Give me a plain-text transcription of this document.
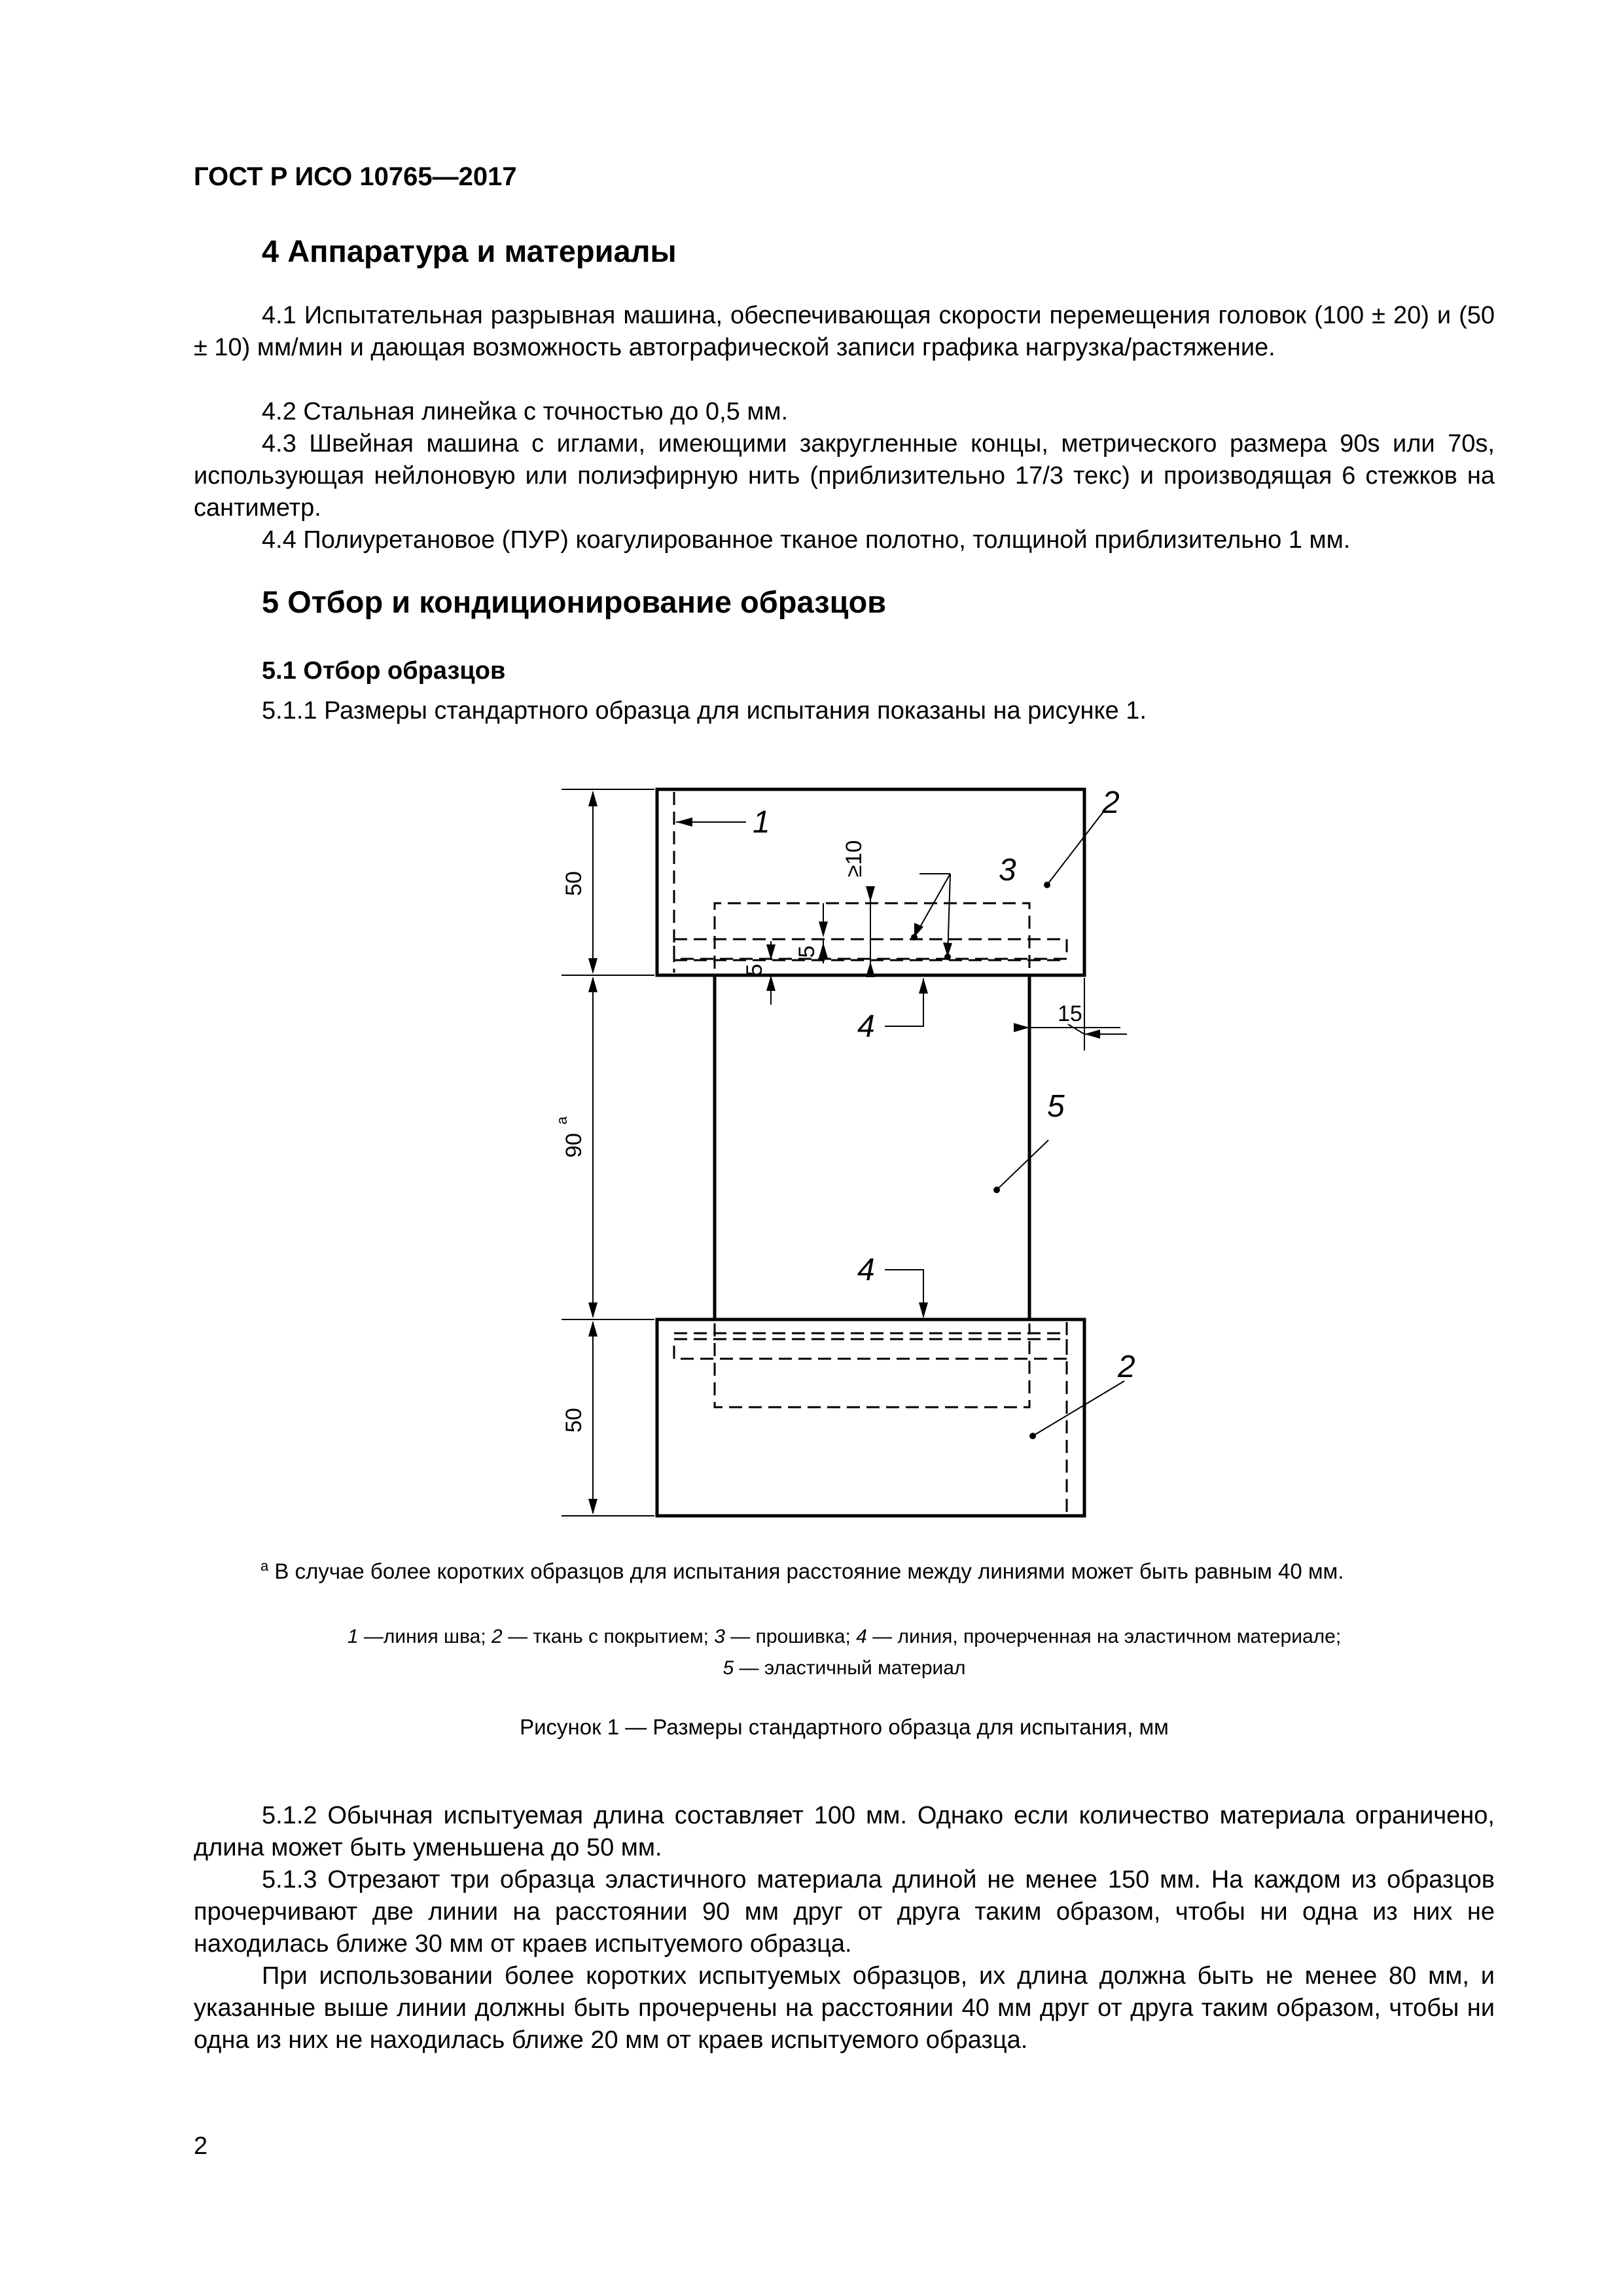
ГОСТ Р ИСО 10765—2017
4 Аппаратура и материалы

4.1 Испытательная разрывная машина, обеспечивающая скорости перемещения головок (100 ± 20) и (50 ± 10) мм/мин и дающая возможность автографической записи графика нагрузка/растяжение.

4.2 Стальная линейка с точностью до 0,5 мм.

4.3 Швейная машина с иглами, имеющими закругленные концы, метрического размера 90s или 70s, использующая нейлоновую или полиэфирную нить (приблизительно 17/3 текс) и производящая 6 стежков на сантиметр.

4.4 Полиуретановое (ПУР) коагулированное тканое полотно, толщиной приблизительно 1 мм.

5 Отбор и кондиционирование образцов
5.1 Отбор образцов

5.1.1 Размеры стандартного образца для испытания показаны на рисунке 1.

50
90
a
50
≥10
5
5
15
1
2
3
4
5
4
2
$^a$ В случае более коротких образцов для испытания расстояние между линиями может быть равным 40 мм.
1 —линия шва; 2 — ткань с покрытием; 3 — прошивка; 4 — линия, прочерченная на эластичном материале;
5 — эластичный материал
Рисунок 1 — Размеры стандартного образца для испытания, мм

5.1.2 Обычная испытуемая длина составляет 100 мм. Однако если количество материала ограничено, длина может быть уменьшена до 50 мм.

5.1.3 Отрезают три образца эластичного материала длиной не менее 150 мм. На каждом из образцов прочерчивают две линии на расстоянии 90 мм друг от друга таким образом, чтобы ни одна из них не находилась ближе 30 мм от краев испытуемого образца.

При использовании более коротких испытуемых образцов, их длина должна быть не менее 80 мм, и указанные выше линии должны быть прочерчены на расстоянии 40 мм друг от друга таким образом, чтобы ни одна из них не находилась ближе 20 мм от краев испытуемого образца.

2
